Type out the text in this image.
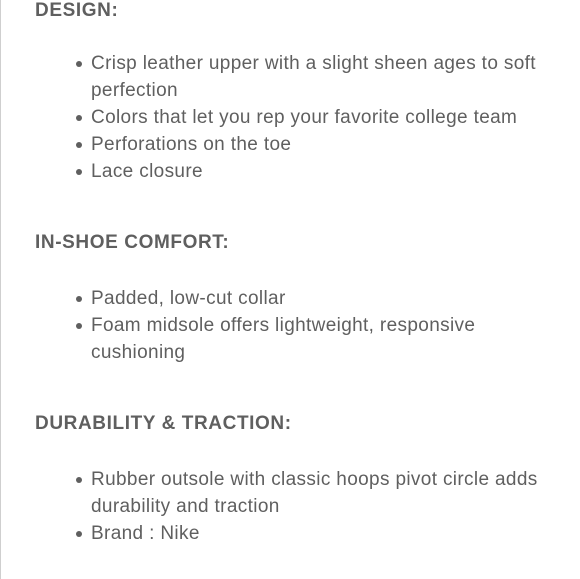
DESIGN:
Crisp leather upper with a slight sheen ages to soft perfection
Colors that let you rep your favorite college team
Perforations on the toe
Lace closure
IN-SHOE COMFORT:
Padded, low-cut collar
Foam midsole offers lightweight, responsive cushioning
DURABILITY & TRACTION:
Rubber outsole with classic hoops pivot circle adds durability and traction
Brand : Nike
